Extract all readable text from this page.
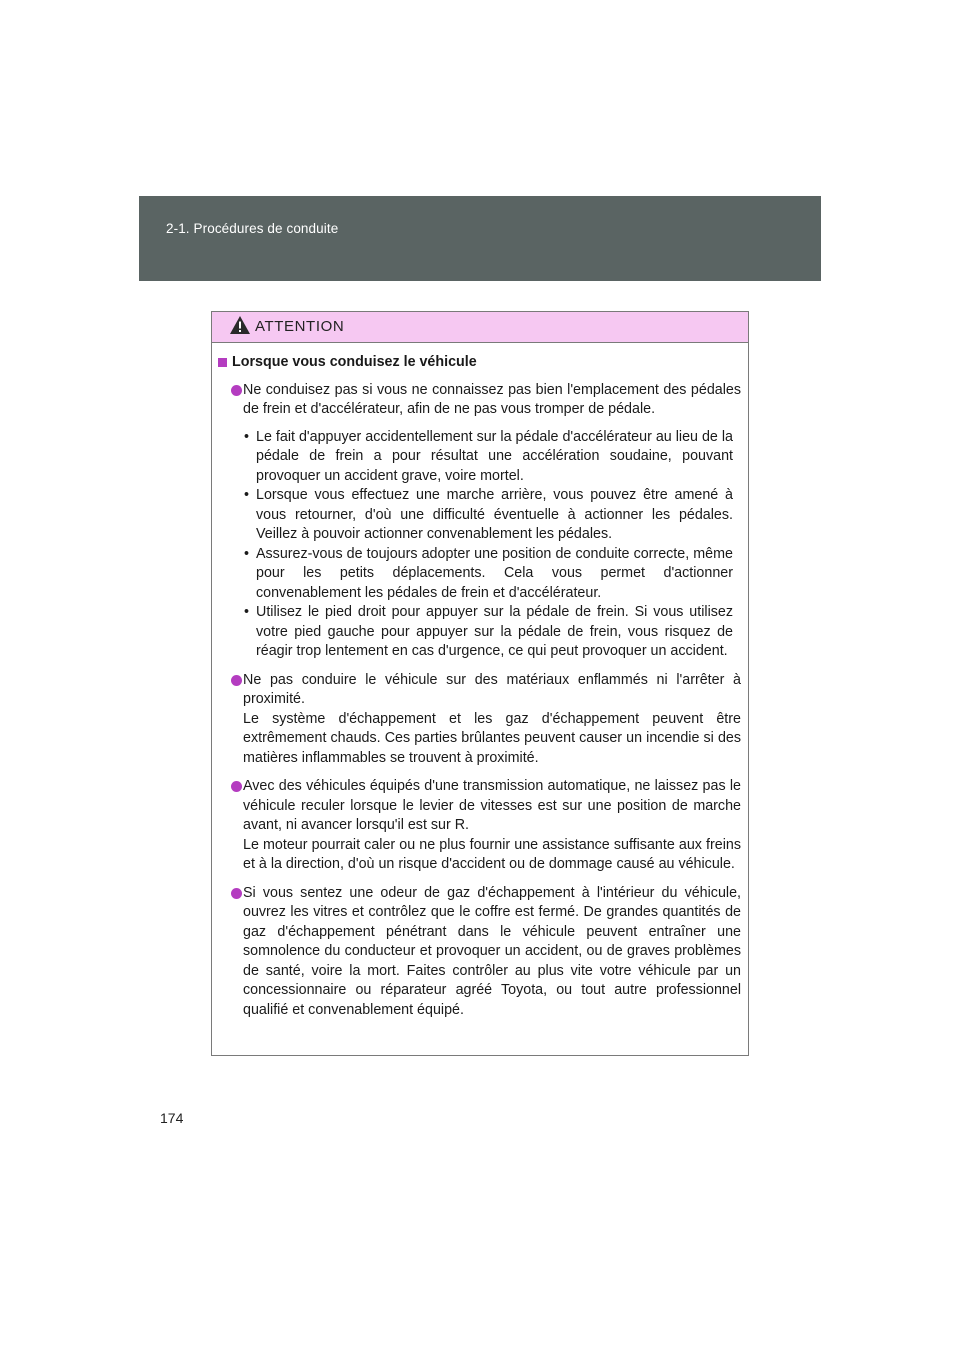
2-1. Procédures de conduite
ATTENTION
Lorsque vous conduisez le véhicule

Ne conduisez pas si vous ne connaissez pas bien l'emplacement des pédales de frein et d'accélérateur, afin de ne pas vous tromper de pédale.

• Le fait d'appuyer accidentellement sur la pédale d'accélérateur au lieu de la pédale de frein a pour résultat une accélération soudaine, pouvant provoquer un accident grave, voire mortel.
• Lorsque vous effectuez une marche arrière, vous pouvez être amené à vous retourner, d'où une difficulté éventuelle à actionner les pédales. Veillez à pouvoir actionner convenablement les pédales.
• Assurez-vous de toujours adopter une position de conduite correcte, même pour les petits déplacements. Cela vous permet d'actionner convenablement les pédales de frein et d'accélérateur.
• Utilisez le pied droit pour appuyer sur la pédale de frein. Si vous utilisez votre pied gauche pour appuyer sur la pédale de frein, vous risquez de réagir trop lentement en cas d'urgence, ce qui peut provoquer un accident.

Ne pas conduire le véhicule sur des matériaux enflammés ni l'arrêter à proximité.

Le système d'échappement et les gaz d'échappement peuvent être extrêmement chauds. Ces parties brûlantes peuvent causer un incendie si des matières inflammables se trouvent à proximité.

Avec des véhicules équipés d'une transmission automatique, ne laissez pas le véhicule reculer lorsque le levier de vitesses est sur une position de marche avant, ni avancer lorsqu'il est sur R.

Le moteur pourrait caler ou ne plus fournir une assistance suffisante aux freins et à la direction, d'où un risque d'accident ou de dommage causé au véhicule.

Si vous sentez une odeur de gaz d'échappement à l'intérieur du véhicule, ouvrez les vitres et contrôlez que le coffre est fermé. De grandes quantités de gaz d'échappement pénétrant dans le véhicule peuvent entraîner une somnolence du conducteur et provoquer un accident, ou de graves problèmes de santé, voire la mort. Faites contrôler au plus vite votre véhicule par un concessionnaire ou réparateur agréé Toyota, ou tout autre professionnel qualifié et convenablement équipé.

174
